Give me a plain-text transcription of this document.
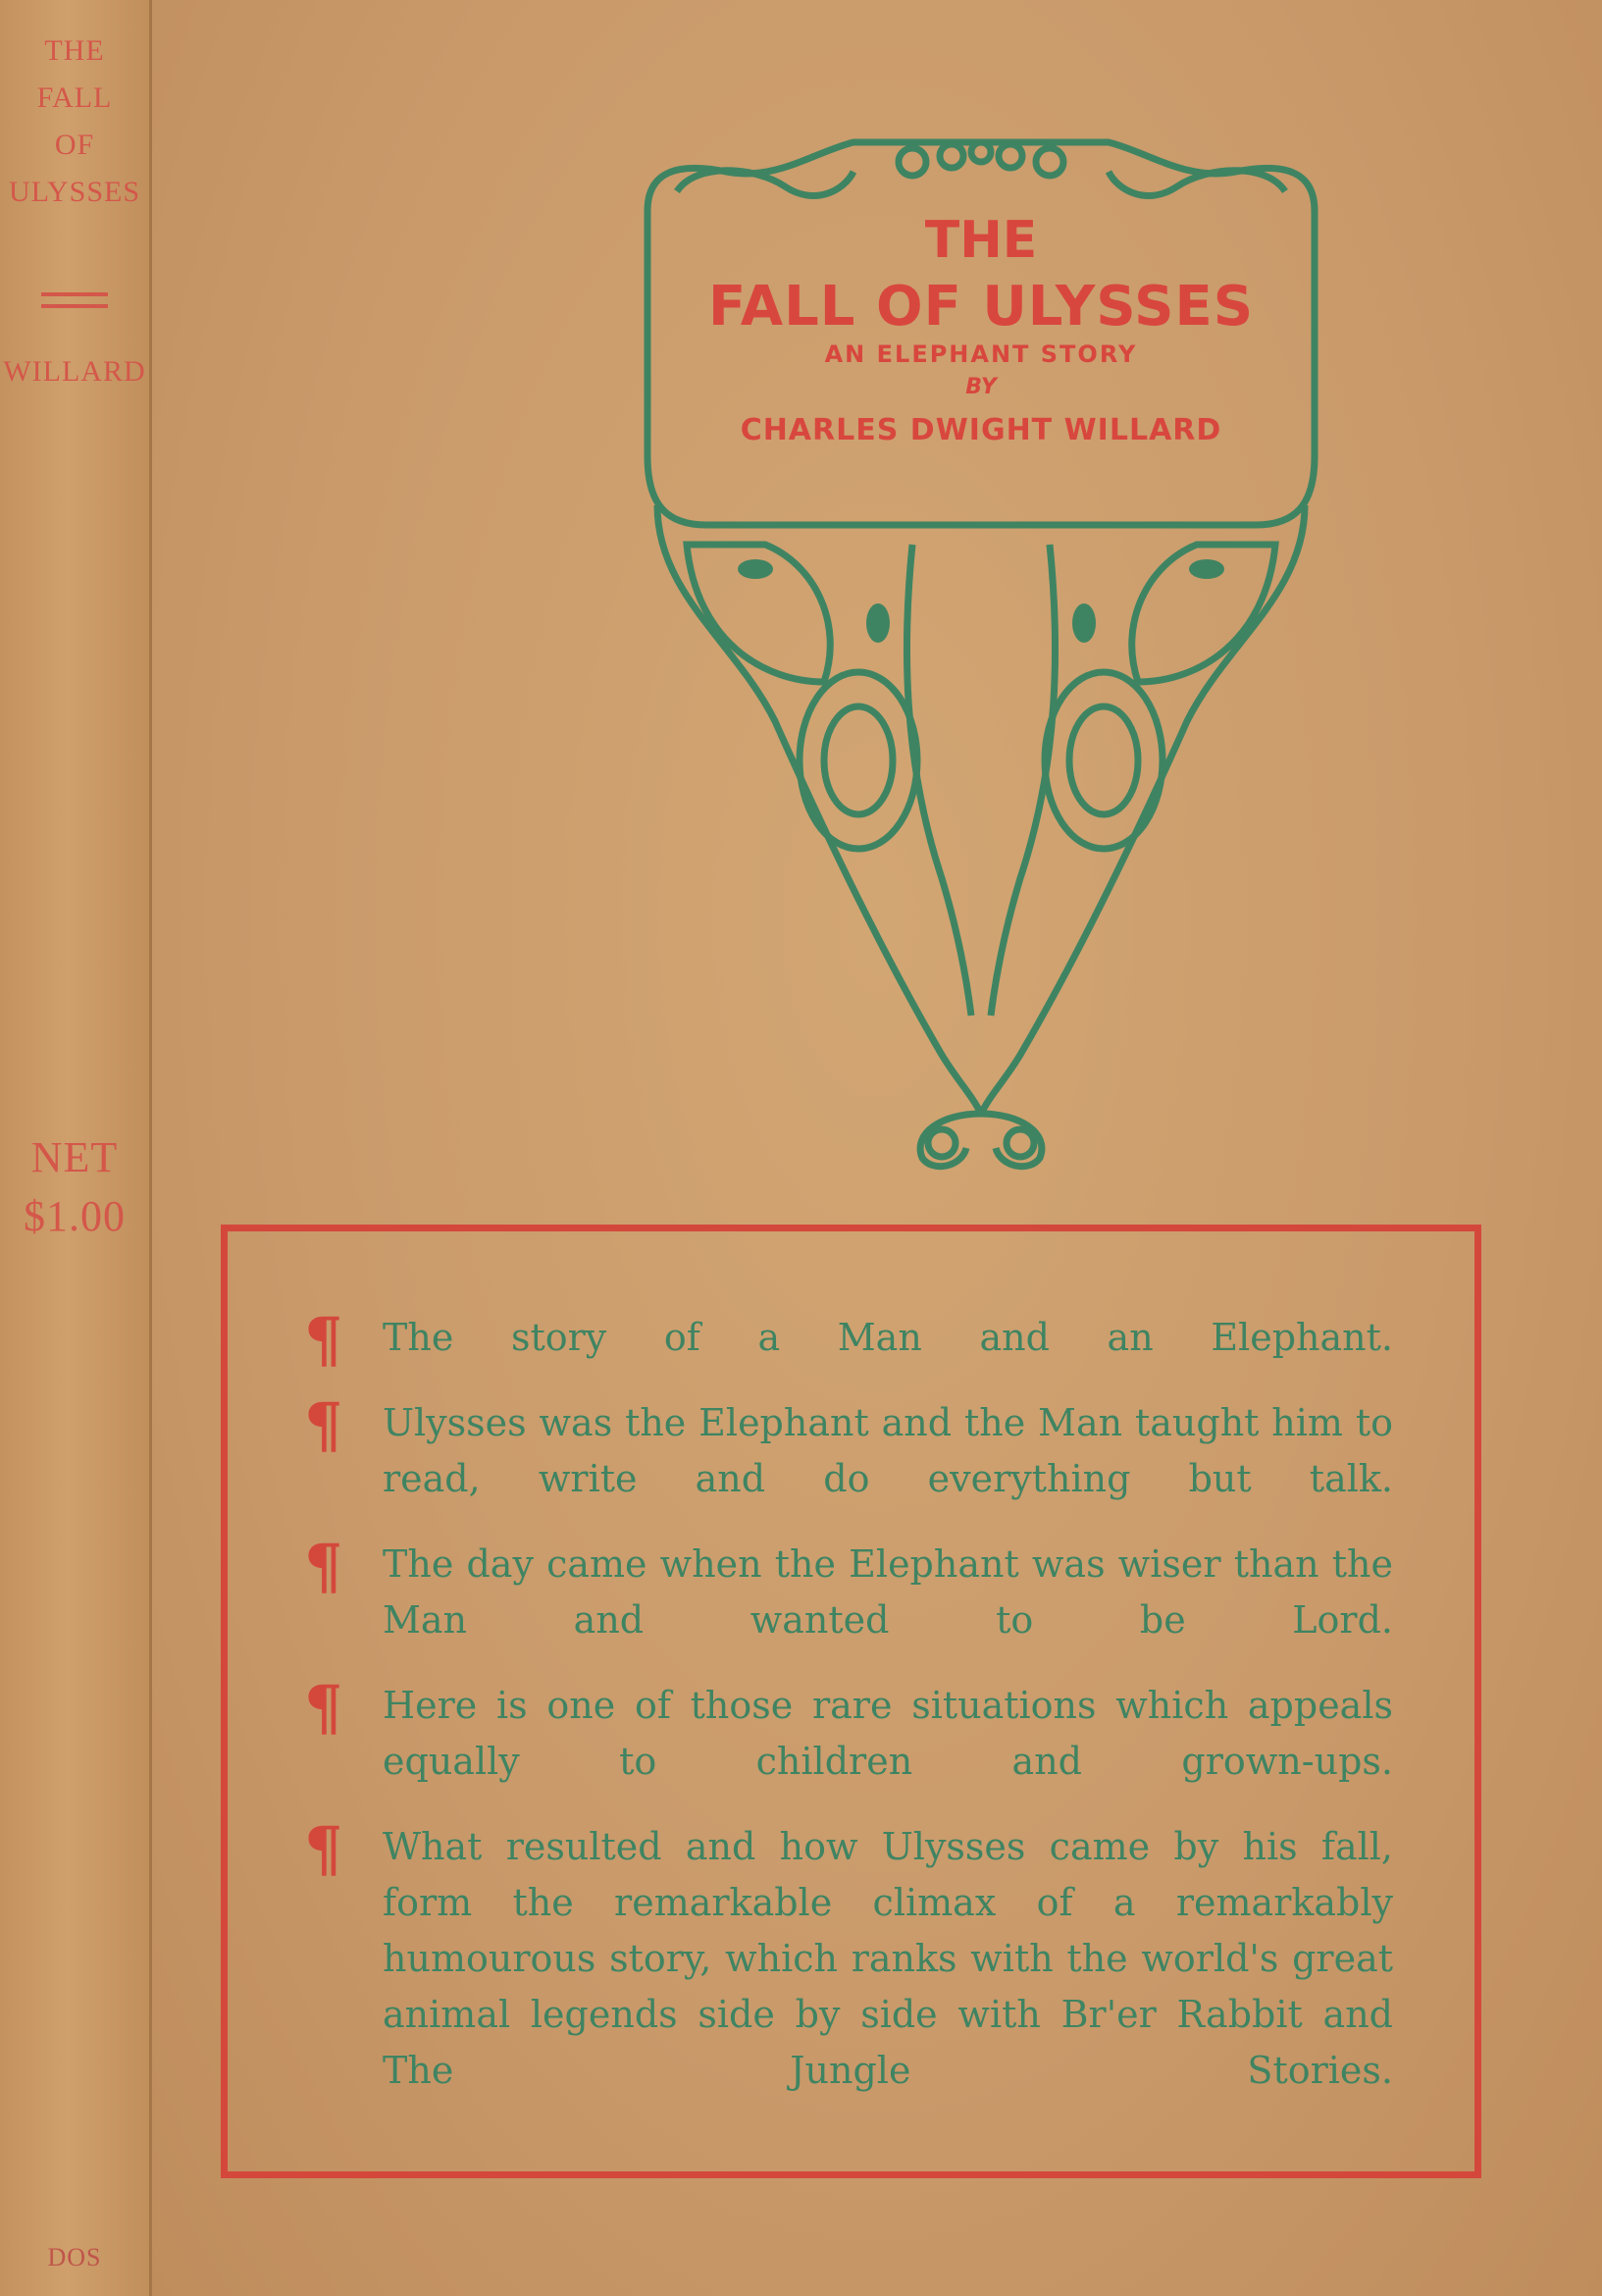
THE
FALL
OF
ULYSSES
WILLARD
NET
$1.00
DOS
THE
FALL OF ULYSSES
AN ELEPHANT STORY
BY
CHARLES DWIGHT WILLARD
¶ The story of a Man and an Elephant.
¶ Ulysses was the Elephant and the Man taught him to read, write and do everything but talk.
¶ The day came when the Elephant was wiser than the Man and wanted to be Lord.
¶ Here is one of those rare situations which appeals equally to children and grown-ups.
¶ What resulted and how Ulysses came by his fall, form the remarkable climax of a remarkably humourous story, which ranks with the world's great animal legends side by side with Br'er Rabbit and The Jungle Stories.
